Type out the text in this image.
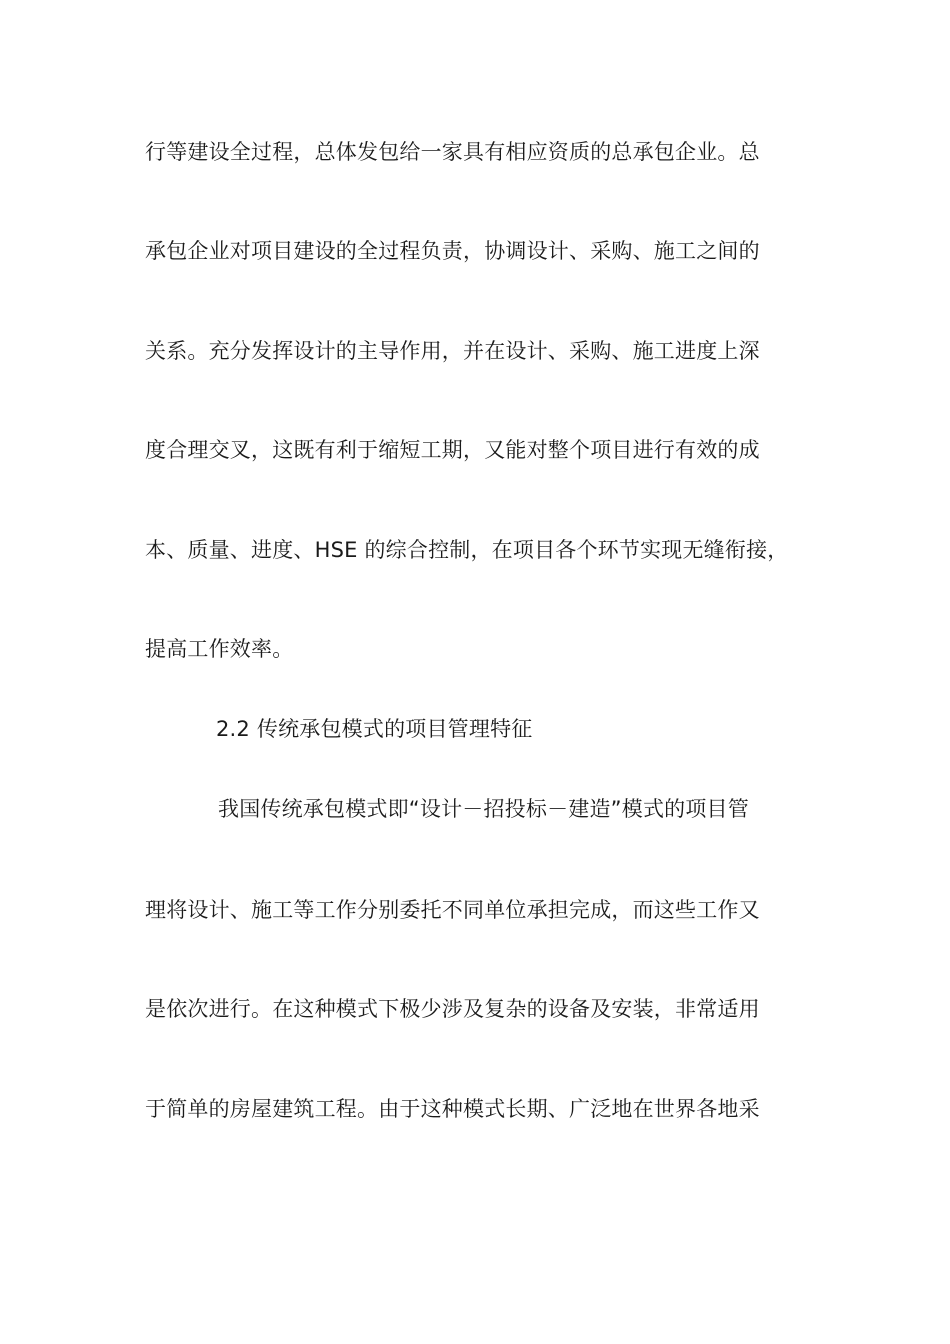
行等建设全过程，总体发包给一家具有相应资质的总承包企业。总
承包企业对项目建设的全过程负责，协调设计、采购、施工之间的
关系。充分发挥设计的主导作用，并在设计、采购、施工进度上深
度合理交叉，这既有利于缩短工期，又能对整个项目进行有效的成
本、质量、进度、HSE 的综合控制，在项目各个环节实现无缝衔接，
提高工作效率。
2.2 传统承包模式的项目管理特征
我国传统承包模式即“设计－招投标－建造”模式的项目管
理将设计、施工等工作分别委托不同单位承担完成，而这些工作又
是依次进行。在这种模式下极少涉及复杂的设备及安装，非常适用
于简单的房屋建筑工程。由于这种模式长期、广泛地在世界各地采
